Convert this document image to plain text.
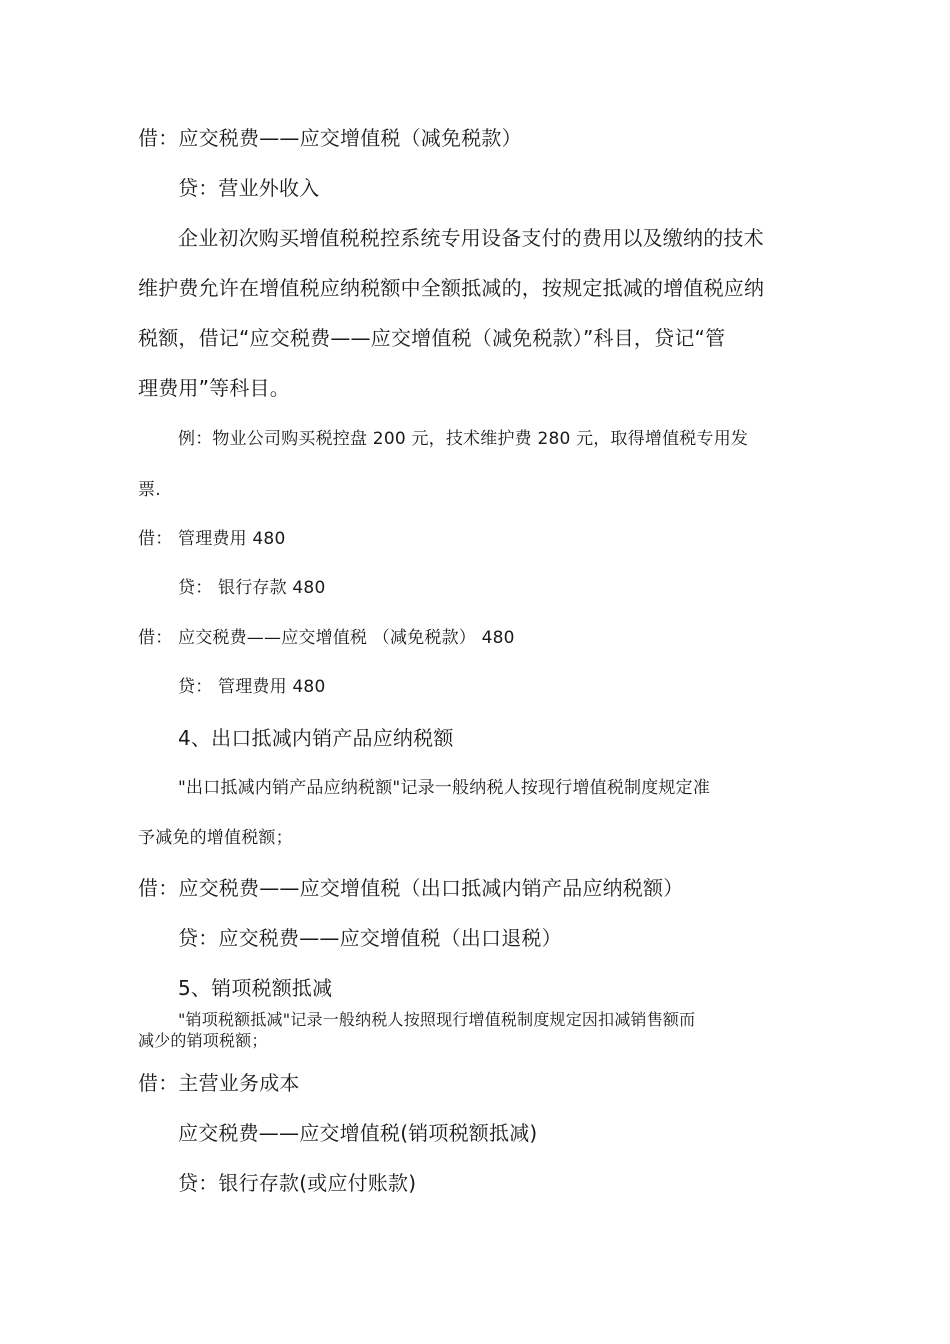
借：应交税费——应交增值税（减免税款）
贷：营业外收入
企业初次购买增值税税控系统专用设备支付的费用以及缴纳的技术
维护费允许在增值税应纳税额中全额抵减的，按规定抵减的增值税应纳
税额，借记“应交税费——应交增值税（减免税款）”科目，贷记“管
理费用”等科目。
例：物业公司购买税控盘 200 元，技术维护费 280 元，取得增值税专用发
票.
借： 管理费用 480
贷： 银行存款 480
借： 应交税费——应交增值税 （减免税款） 480
贷： 管理费用 480
4、出口抵减内销产品应纳税额
"出口抵减内销产品应纳税额"记录一般纳税人按现行增值税制度规定准
予减免的增值税额；
借：应交税费——应交增值税（出口抵减内销产品应纳税额）
贷：应交税费——应交增值税（出口退税）
5、销项税额抵减
"销项税额抵减"记录一般纳税人按照现行增值税制度规定因扣减销售额而
减少的销项税额；
借：主营业务成本
应交税费——应交增值税(销项税额抵减)
贷：银行存款(或应付账款)
